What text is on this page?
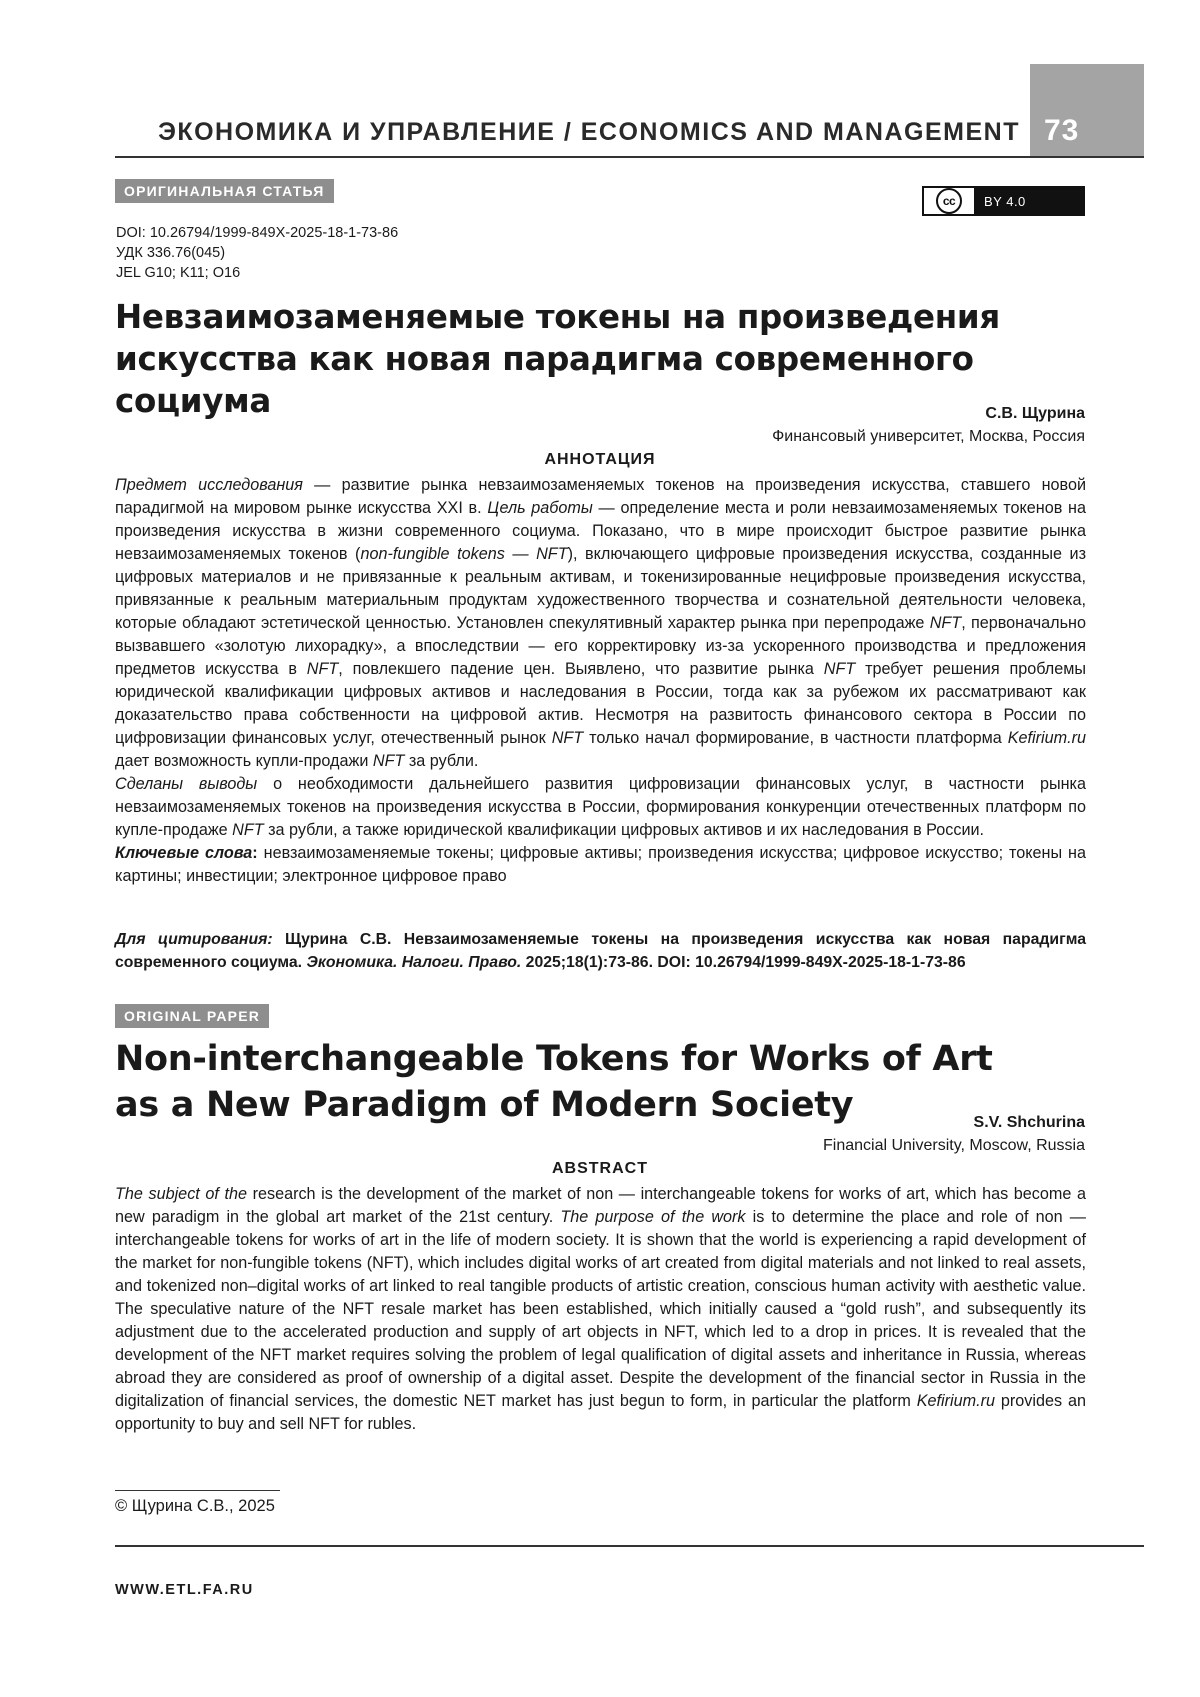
ЭКОНОМИКА И УПРАВЛЕНИЕ / ECONOMICS AND MANAGEMENT 73
ОРИГИНАЛЬНАЯ СТАТЬЯ
cc	BY 4.0
DOI: 10.26794/1999-849X-2025-18-1-73-86
УДК 336.76(045)
JEL G10; K11; O16
Невзаимозаменяемые токены на произведения
искусства как новая парадигма современного социума	С.В. Щурина
Финансовый университет, Москва, Россия
АННОТАЦИЯ

Предмет исследования — развитие рынка невзаимозаменяемых токенов на произведения искусства, ставшего новой парадигмой на мировом рынке искусства XXI в. Цель работы — определение места и роли невзаимозаменяемых токенов на произведения искусства в жизни современного социума. Показано, что в мире происходит быстрое развитие рынка невзаимозаменяемых токенов (non-fungible tokens — NFT), включающего цифровые произведения искусства, созданные из цифровых материалов и не привязанные к реальным активам, и токенизированные нецифровые произведения искусства, привязанные к реальным материальным продуктам художественного творчества и сознательной деятельности человека, которые обладают эстетической ценностью. Установлен спекулятивный характер рынка при перепродаже NFT, первоначально вызвавшего «золотую лихорадку», а впоследствии — его корректировку из-за ускоренного производства и предложения предметов искусства в NFT, повлекшего падение цен. Выявлено, что развитие рынка NFT требует решения проблемы юридической квалификации цифровых активов и наследования в России, тогда как за рубежом их рассматривают как доказательство права собственности на цифровой актив. Несмотря на развитость финансового сектора в России по цифровизации финансовых услуг, отечественный рынок NFT только начал формирование, в частности платформа Kefirium.ru дает возможность купли-продажи NFT за рубли.

Сделаны выводы о необходимости дальнейшего развития цифровизации финансовых услуг, в частности рынка невзаимозаменяемых токенов на произведения искусства в России, формирования конкуренции отечественных платформ по купле-продаже NFT за рубли, а также юридической квалификации цифровых активов и их наследования в России.

Ключевые слова: невзаимозаменяемые токены; цифровые активы; произведения искусства; цифровое искусство; токены на картины; инвестиции; электронное цифровое право

Для цитирования: Щурина С.В. Невзаимозаменяемые токены на произведения искусства как новая парадигма современного социума. Экономика. Налоги. Право. 2025;18(1):73-86. DOI: 10.26794/1999-849X-2025-18-1-73-86
ORIGINAL PAPER
Non-interchangeable Tokens for Works of Art
as a New Paradigm of Modern Society	S.V. Shchurina
Financial University, Moscow, Russia
ABSTRACT

The subject of the research is the development of the market of non — interchangeable tokens for works of art, which has become a new paradigm in the global art market of the 21st century. The purpose of the work is to determine the place and role of non — interchangeable tokens for works of art in the life of modern society. It is shown that the world is experiencing a rapid development of the market for non-fungible tokens (NFT), which includes digital works of art created from digital materials and not linked to real assets, and tokenized non–digital works of art linked to real tangible products of artistic creation, conscious human activity with aesthetic value. The speculative nature of the NFT resale market has been established, which initially caused a “gold rush”, and subsequently its adjustment due to the accelerated production and supply of art objects in NFT, which led to a drop in prices. It is revealed that the development of the NFT market requires solving the problem of legal qualification of digital assets and inheritance in Russia, whereas abroad they are considered as proof of ownership of a digital asset. Despite the development of the financial sector in Russia in the digitalization of financial services, the domestic NET market has just begun to form, in particular the platform Kefirium.ru provides an opportunity to buy and sell NFT for rubles.

© Щурина С.В., 2025
WWW.ETL.FA.RU
